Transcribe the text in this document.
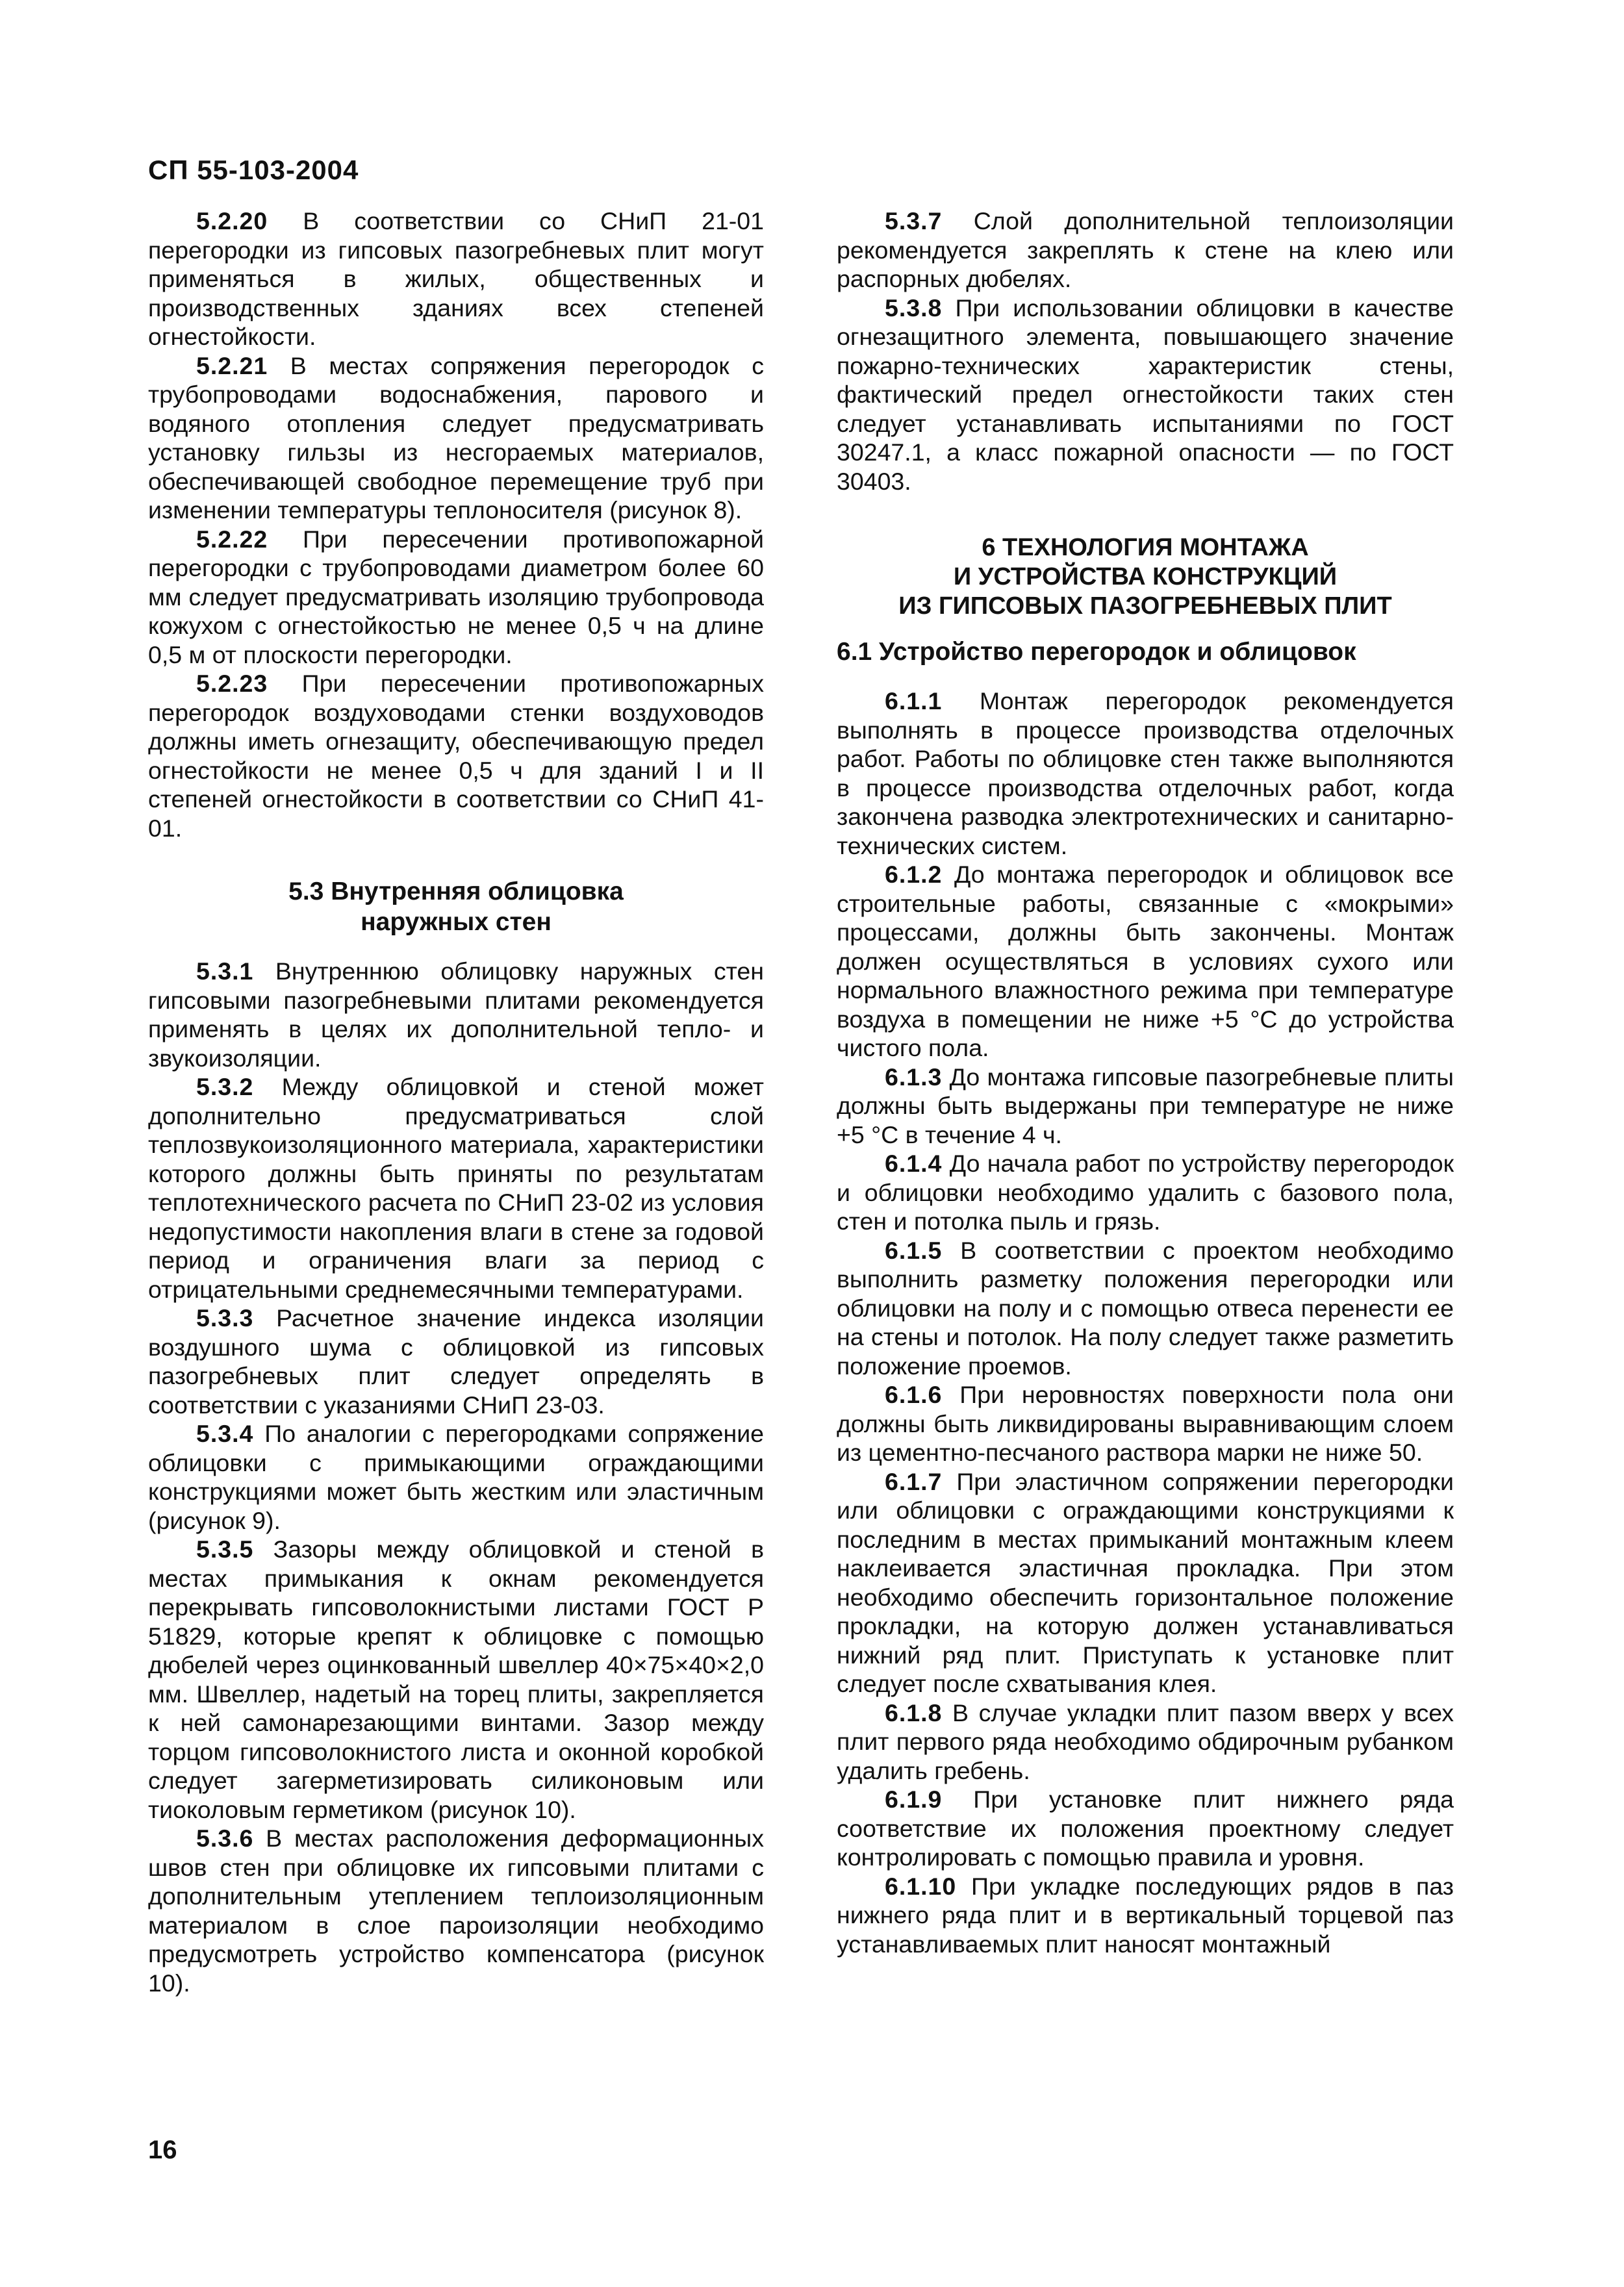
СП 55-103-2004

5.2.20 В соответствии со СНиП 21-01 перегородки из гипсовых пазогребневых плит могут применяться в жилых, общественных и производственных зданиях всех степеней огнестойкости.

5.2.21 В местах сопряжения перегородок с трубопроводами водоснабжения, парового и водяного отопления следует предусматривать установку гильзы из несгораемых материалов, обеспечивающей свободное перемещение труб при изменении температуры теплоносителя (рисунок 8).

5.2.22 При пересечении противопожарной перегородки с трубопроводами диаметром более 60 мм следует предусматривать изоляцию трубопровода кожухом с огнестойкостью не менее 0,5 ч на длине 0,5 м от плоскости перегородки.

5.2.23 При пересечении противопожарных перегородок воздуховодами стенки воздуховодов должны иметь огнезащиту, обеспечивающую предел огнестойкости не менее 0,5 ч для зданий I и II степеней огнестойкости в соответствии со СНиП 41-01.

5.3 Внутренняя облицовка
наружных стен

5.3.1 Внутреннюю облицовку наружных стен гипсовыми пазогребневыми плитами рекомендуется применять в целях их дополнительной тепло- и звукоизоляции.

5.3.2 Между облицовкой и стеной может дополнительно предусматриваться слой теплозвукоизоляционного материала, характеристики которого должны быть приняты по результатам теплотехнического расчета по СНиП 23-02 из условия недопустимости накопления влаги в стене за годовой период и ограничения влаги за период с отрицательными среднемесячными температурами.

5.3.3 Расчетное значение индекса изоляции воздушного шума с облицовкой из гипсовых пазогребневых плит следует определять в соответствии с указаниями СНиП 23-03.

5.3.4 По аналогии с перегородками сопряжение облицовки с примыкающими ограждающими конструкциями может быть жестким или эластичным (рисунок 9).

5.3.5 Зазоры между облицовкой и стеной в местах примыкания к окнам рекомендуется перекрывать гипсоволокнистыми листами ГОСТ Р 51829, которые крепят к облицовке с помощью дюбелей через оцинкованный швеллер 40×75×40×2,0 мм. Швеллер, надетый на торец плиты, закрепляется к ней самонарезающими винтами. Зазор между торцом гипсоволокнистого листа и оконной коробкой следует загерметизировать силиконовым или тиоколовым герметиком (рисунок 10).

5.3.6 В местах расположения деформационных швов стен при облицовке их гипсовыми плитами с дополнительным утеплением теплоизоляционным материалом в слое пароизоляции необходимо предусмотреть устройство компенсатора (рисунок 10).

5.3.7 Слой дополнительной теплоизоляции рекомендуется закреплять к стене на клею или распорных дюбелях.

5.3.8 При использовании облицовки в качестве огнезащитного элемента, повышающего значение пожарно-технических характеристик стены, фактический предел огнестойкости таких стен следует устанавливать испытаниями по ГОСТ 30247.1, а класс пожарной опасности — по ГОСТ 30403.

6 ТЕХНОЛОГИЯ МОНТАЖА
И УСТРОЙСТВА КОНСТРУКЦИЙ
ИЗ ГИПСОВЫХ ПАЗОГРЕБНЕВЫХ ПЛИТ
6.1 Устройство перегородок и облицовок

6.1.1 Монтаж перегородок рекомендуется выполнять в процессе производства отделочных работ. Работы по облицовке стен также выполняются в процессе производства отделочных работ, когда закончена разводка электротехнических и санитарно-технических систем.

6.1.2 До монтажа перегородок и облицовок все строительные работы, связанные с «мокрыми» процессами, должны быть закончены. Монтаж должен осуществляться в условиях сухого или нормального влажностного режима при температуре воздуха в помещении не ниже +5 °С до устройства чистого пола.

6.1.3 До монтажа гипсовые пазогребневые плиты должны быть выдержаны при температуре не ниже +5 °С в течение 4 ч.

6.1.4 До начала работ по устройству перегородок и облицовки необходимо удалить с базового пола, стен и потолка пыль и грязь.

6.1.5 В соответствии с проектом необходимо выполнить разметку положения перегородки или облицовки на полу и с помощью отвеса перенести ее на стены и потолок. На полу следует также разметить положение проемов.

6.1.6 При неровностях поверхности пола они должны быть ликвидированы выравнивающим слоем из цементно-песчаного раствора марки не ниже 50.

6.1.7 При эластичном сопряжении перегородки или облицовки с ограждающими конструкциями к последним в местах примыканий монтажным клеем наклеивается эластичная прокладка. При этом необходимо обеспечить горизонтальное положение прокладки, на которую должен устанавливаться нижний ряд плит. Приступать к установке плит следует после схватывания клея.

6.1.8 В случае укладки плит пазом вверх у всех плит первого ряда необходимо обдирочным рубанком удалить гребень.

6.1.9 При установке плит нижнего ряда соответствие их положения проектному следует контролировать с помощью правила и уровня.

6.1.10 При укладке последующих рядов в паз нижнего ряда плит и в вертикальный торцевой паз устанавливаемых плит наносят монтажный

16
